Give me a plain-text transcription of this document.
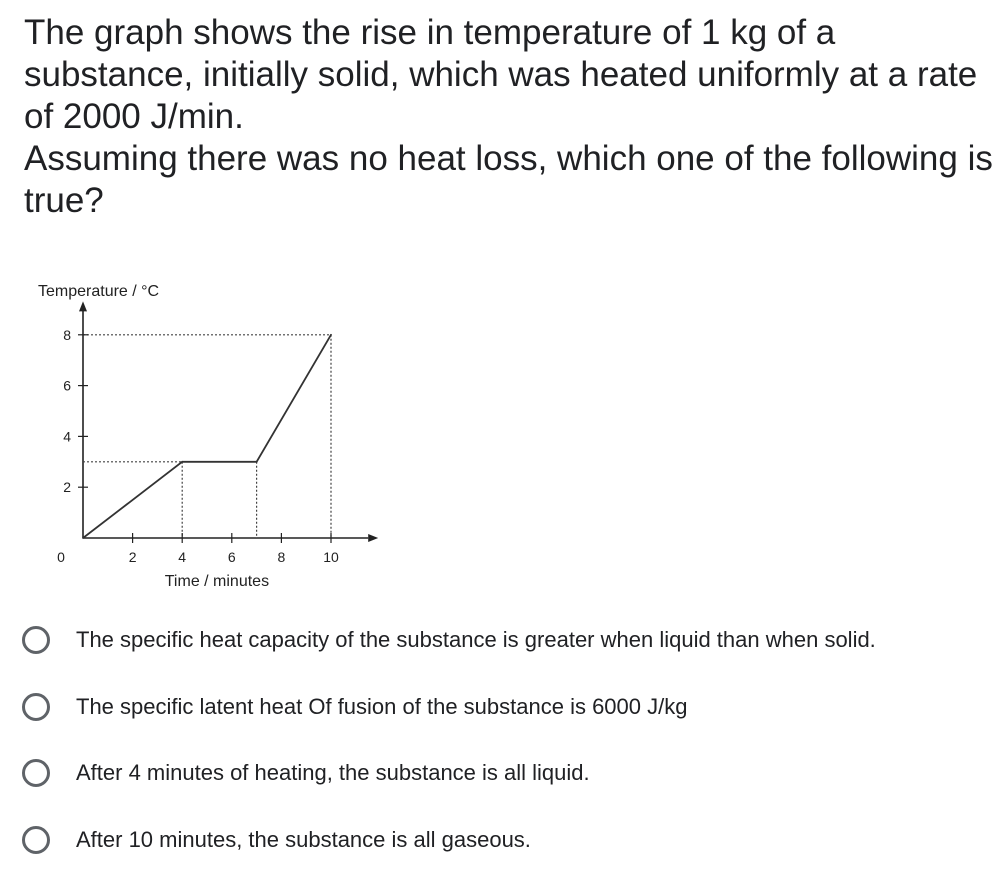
The graph shows the rise in temperature of 1 kg of a substance, initially solid, which was heated uniformly at a rate of 2000 J/min.

Assuming there was no heat loss, which one of the following is true?

Temperature / °C
2
4
6
8
2	4	6	8	10
0
Time / minutes
The specific heat capacity of the substance is greater when liquid than when solid.
The specific latent heat Of fusion of the substance is 6000 J/kg
After 4 minutes of heating, the substance is all liquid.
After 10 minutes, the substance is all gaseous.
